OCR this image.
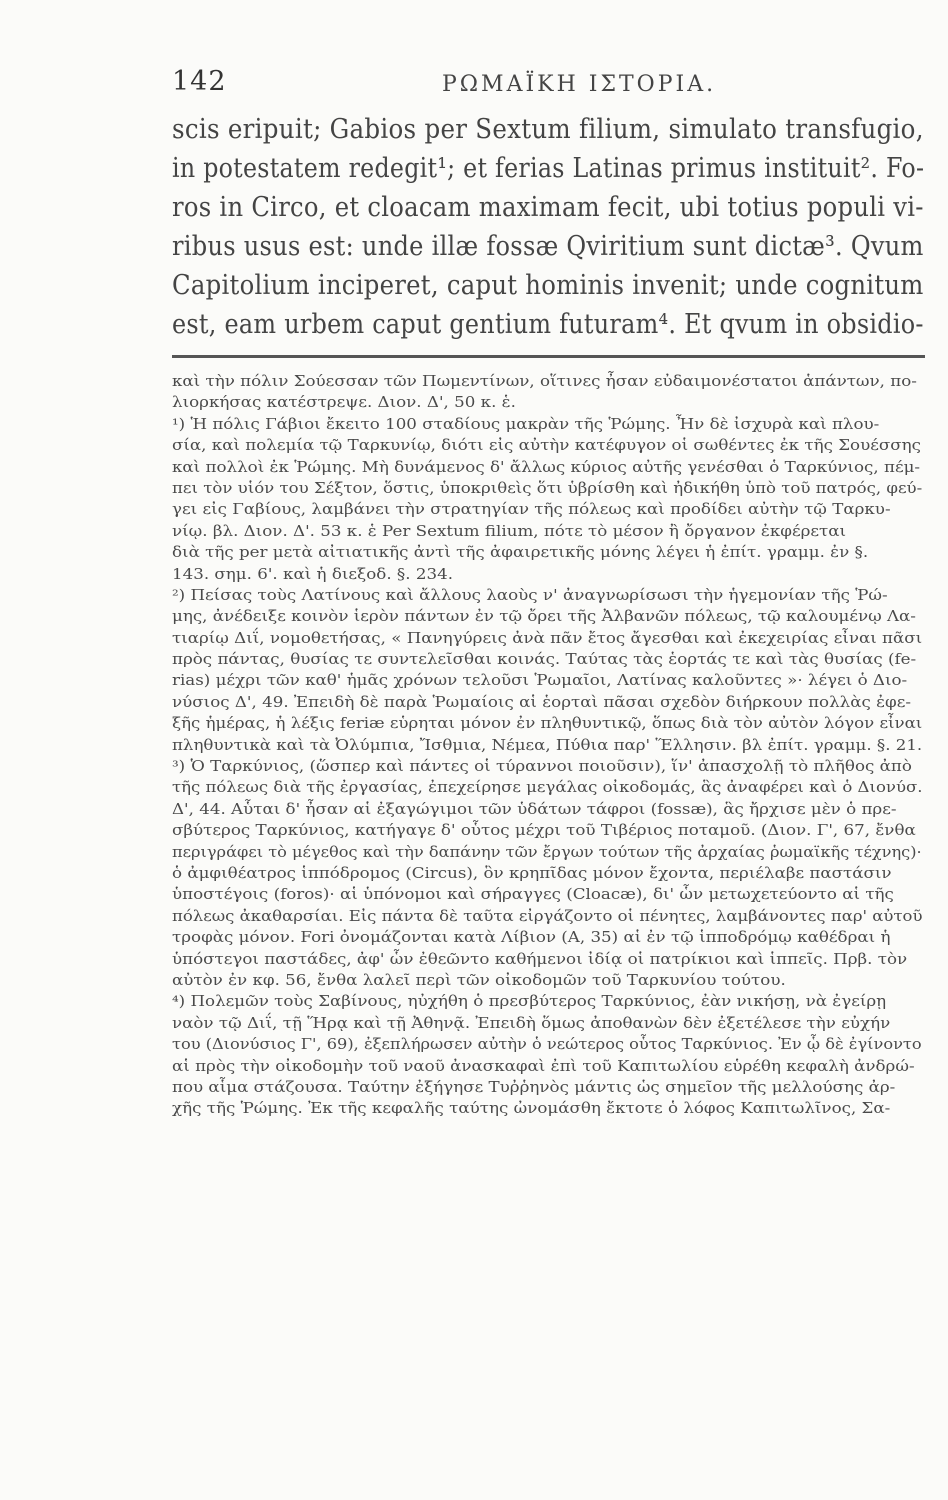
142	ΡΩΜΑΪΚΗ ΙΣΤΟΡΙΑ.
scis eripuit; Gabios per Sextum filium, simulato transfugio,
in potestatem redegit¹; et ferias Latinas primus instituit². Fo-
ros in Circo, et cloacam maximam fecit, ubi totius populi vi-
ribus usus est: unde illæ fossæ Qviritium sunt dictæ³. Qvum
Capitolium inciperet, caput hominis invenit; unde cognitum
est, eam urbem caput gentium futuram⁴. Et qvum in obsidio-
καὶ τὴν πόλιν Σούεσσαν τῶν Πωμεντίνων, οἵτινες ἦσαν εὐδαιμονέστατοι ἁπάντων, πο-
λιορκήσας κατέστρεψε. Διον. Δ', 50 κ. ἑ.
¹) Ἡ πόλις Γάβιοι ἔκειτο 100 σταδίους μακρὰν τῆς Ῥώμης. Ἦν δὲ ἰσχυρὰ καὶ πλου-
σία, καὶ πολεμία τῷ Ταρκυνίῳ, διότι εἰς αὐτὴν κατέφυγον οἱ σωθέντες ἐκ τῆς Σουέσσης
καὶ πολλοὶ ἐκ Ῥώμης. Μὴ δυνάμενος δ' ἄλλως κύριος αὐτῆς γενέσθαι ὁ Ταρκύνιος, πέμ-
πει τὸν υἱόν του Σέξτον, ὅστις, ὑποκριθεὶς ὅτι ὑβρίσθη καὶ ἠδικήθη ὑπὸ τοῦ πατρός, φεύ-
γει εἰς Γαβίους, λαμβάνει τὴν στρατηγίαν τῆς πόλεως καὶ προδίδει αὐτὴν τῷ Ταρκυ-
νίῳ. βλ. Διον. Δ'. 53 κ. ἑ Per Sextum filium, πότε τὸ μέσον ἢ ὄργανον ἐκφέρεται
διὰ τῆς per μετὰ αἰτιατικῆς ἀντὶ τῆς ἀφαιρετικῆς μόνης λέγει ἡ ἐπίτ. γραμμ. ἐν §.
143. σημ. 6'. καὶ ἡ διεξοδ. §. 234.
²) Πείσας τοὺς Λατίνους καὶ ἄλλους λαοὺς ν' ἀναγνωρίσωσι τὴν ἡγεμονίαν τῆς Ῥώ-
μης, ἀνέδειξε κοινὸν ἱερὸν πάντων ἐν τῷ ὄρει τῆς Ἀλβανῶν πόλεως, τῷ καλουμένῳ Λα-
τιαρίῳ Διΐ, νομοθετήσας, « Πανηγύρεις ἀνὰ πᾶν ἔτος ἄγεσθαι καὶ ἐκεχειρίας εἶναι πᾶσι
πρὸς πάντας, θυσίας τε συντελεῖσθαι κοινάς. Ταύτας τὰς ἑορτάς τε καὶ τὰς θυσίας (fe-
rias) μέχρι τῶν καθ' ἡμᾶς χρόνων τελοῦσι Ῥωμαῖοι, Λατίνας καλοῦντες »· λέγει ὁ Διο-
νύσιος Δ', 49. Ἐπειδὴ δὲ παρὰ Ῥωμαίοις αἱ ἑορταὶ πᾶσαι σχεδὸν διήρκουν πολλὰς ἐφε-
ξῆς ἡμέρας, ἡ λέξις feriæ εὑρηται μόνον ἐν πληθυντικῷ, ὅπως διὰ τὸν αὐτὸν λόγον εἶναι
πληθυντικὰ καὶ τὰ Ὀλύμπια, Ἴσθμια, Νέμεα, Πύθια παρ' Ἕλλησιν. βλ ἐπίτ. γραμμ. §. 21.
³) Ὁ Ταρκύνιος, (ὥσπερ καὶ πάντες οἱ τύραννοι ποιοῦσιν), ἵν' ἀπασχολῇ τὸ πλῆθος ἀπὸ
τῆς πόλεως διὰ τῆς ἐργασίας, ἐπεχείρησε μεγάλας οἰκοδομάς, ἃς ἀναφέρει καὶ ὁ Διονύσ.
Δ', 44. Αὗται δ' ἦσαν αἱ ἐξαγώγιμοι τῶν ὑδάτων τάφροι (fossæ), ἃς ἤρχισε μὲν ὁ πρε-
σβύτερος Ταρκύνιος, κατήγαγε δ' οὗτος μέχρι τοῦ Τιβέριος ποταμοῦ. (Διον. Γ', 67, ἔνθα
περιγράφει τὸ μέγεθος καὶ τὴν δαπάνην τῶν ἔργων τούτων τῆς ἀρχαίας ῥωμαϊκῆς τέχνης)·
ὁ ἀμφιθέατρος ἱππόδρομος (Circus), ὃν κρηπῖδας μόνον ἔχοντα, περιέλαβε παστάσιν
ὑποστέγοις (foros)· αἱ ὑπόνομοι καὶ σήραγγες (Cloacæ), δι' ὧν μετωχετεύοντο αἱ τῆς
πόλεως ἀκαθαρσίαι. Εἰς πάντα δὲ ταῦτα εἰργάζοντο οἱ πένητες, λαμβάνοντες παρ' αὐτοῦ
τροφὰς μόνον. Fori ὀνομάζονται κατὰ Λίβιον (Α, 35) αἱ ἐν τῷ ἱπποδρόμῳ καθέδραι ἡ
ὑπόστεγοι παστάδες, ἀφ' ὧν ἐθεῶντο καθήμενοι ἰδίᾳ οἱ πατρίκιοι καὶ ἱππεῖς. Πρβ. τὸν
αὐτὸν ἐν κφ. 56, ἔνθα λαλεῖ περὶ τῶν οἰκοδομῶν τοῦ Ταρκυνίου τούτου.
⁴) Πολεμῶν τοὺς Σαβίνους, ηὐχήθη ὁ πρεσβύτερος Ταρκύνιος, ἐὰν νικήσῃ, νὰ ἐγείρῃ
ναὸν τῷ Διΐ, τῇ Ἥρᾳ καὶ τῇ Ἀθηνᾷ. Ἐπειδὴ ὅμως ἀποθανὼν δὲν ἐξετέλεσε τὴν εὐχήν
του (Διονύσιος Γ', 69), ἐξεπλήρωσεν αὐτὴν ὁ νεώτερος οὗτος Ταρκύνιος. Ἐν ᾧ δὲ ἐγίνοντο
αἱ πρὸς τὴν οἰκοδομὴν τοῦ ναοῦ ἀνασκαφαὶ ἐπὶ τοῦ Καπιτωλίου εὑρέθη κεφαλὴ ἀνδρώ-
που αἷμα στάζουσα. Ταύτην ἐξήγησε Τυῤῥηνὸς μάντις ὡς σημεῖον τῆς μελλούσης ἀρ-
χῆς τῆς Ῥώμης. Ἐκ τῆς κεφαλῆς ταύτης ὠνομάσθη ἔκτοτε ὁ λόφος Καπιτωλῖνος, Σα-
